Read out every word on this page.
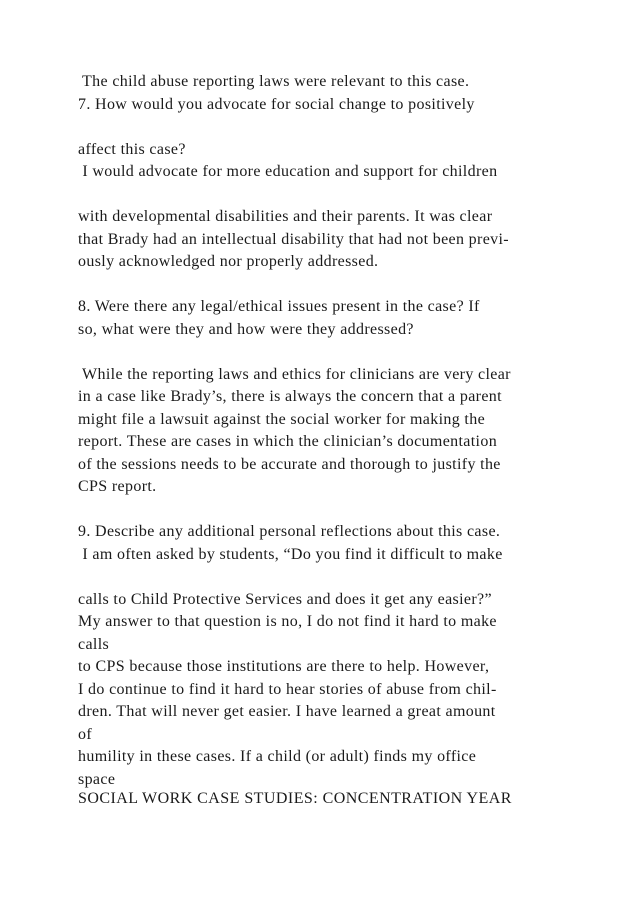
The child abuse reporting laws were relevant to this case.
7. How would you advocate for social change to positively
affect this case?
I would advocate for more education and support for children
with developmental disabilities and their parents. It was clear
that Brady had an intellectual disability that had not been previ-
ously acknowledged nor properly addressed.
8. Were there any legal/ethical issues present in the case? If
so, what were they and how were they addressed?
While the reporting laws and ethics for clinicians are very clear
in a case like Brady’s, there is always the concern that a parent
might file a lawsuit against the social worker for making the
report. These are cases in which the clinician’s documentation
of the sessions needs to be accurate and thorough to justify the
CPS report.
9. Describe any additional personal reflections about this case.
I am often asked by students, “Do you find it difficult to make
calls to Child Protective Services and does it get any easier?”
My answer to that question is no, I do not find it hard to make
calls
to CPS because those institutions are there to help. However,
I do continue to find it hard to hear stories of abuse from chil-
dren. That will never get easier. I have learned a great amount
of
humility in these cases. If a child (or adult) finds my office
space
SOCIAL WORK CASE STUDIES: CONCENTRATION YEAR
